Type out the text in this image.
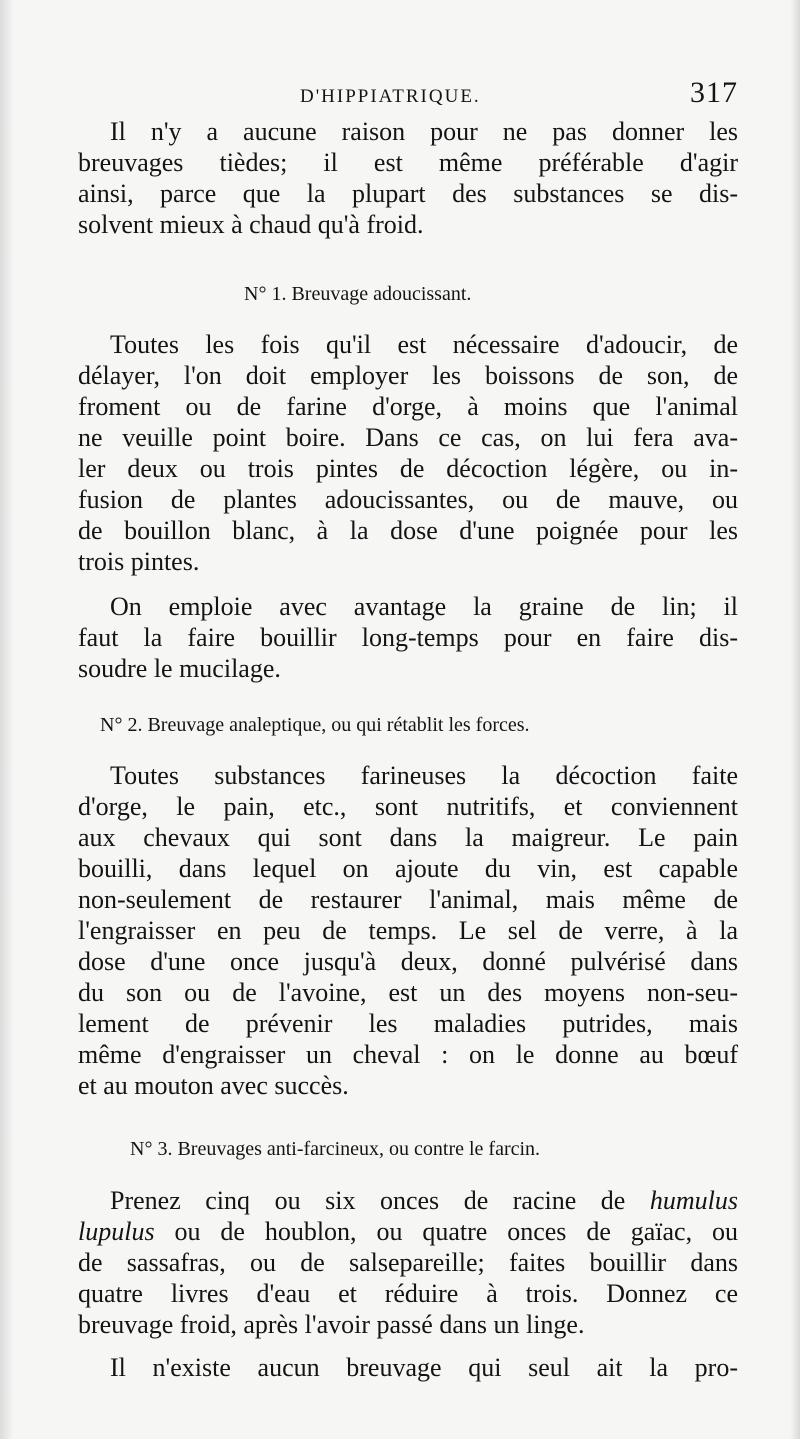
D'HIPPIATRIQUE.	317
Il n'y a aucune raison pour ne pas donner les
breuvages tièdes; il est même préférable d'agir
ainsi, parce que la plupart des substances se dis-
solvent mieux à chaud qu'à froid.
N° 1. Breuvage adoucissant.
Toutes les fois qu'il est nécessaire d'adoucir, de
délayer, l'on doit employer les boissons de son, de
froment ou de farine d'orge, à moins que l'animal
ne veuille point boire. Dans ce cas, on lui fera ava-
ler deux ou trois pintes de décoction légère, ou in-
fusion de plantes adoucissantes, ou de mauve, ou
de bouillon blanc, à la dose d'une poignée pour les
trois pintes.
On emploie avec avantage la graine de lin; il
faut la faire bouillir long-temps pour en faire dis-
soudre le mucilage.
N° 2. Breuvage analeptique, ou qui rétablit les forces.
Toutes substances farineuses la décoction faite
d'orge, le pain, etc., sont nutritifs, et conviennent
aux chevaux qui sont dans la maigreur. Le pain
bouilli, dans lequel on ajoute du vin, est capable
non-seulement de restaurer l'animal, mais même de
l'engraisser en peu de temps. Le sel de verre, à la
dose d'une once jusqu'à deux, donné pulvérisé dans
du son ou de l'avoine, est un des moyens non-seu-
lement de prévenir les maladies putrides, mais
même d'engraisser un cheval : on le donne au bœuf
et au mouton avec succès.
N° 3. Breuvages anti-farcineux, ou contre le farcin.
Prenez cinq ou six onces de racine de humulus
lupulus ou de houblon, ou quatre onces de gaïac, ou
de sassafras, ou de salsepareille; faites bouillir dans
quatre livres d'eau et réduire à trois. Donnez ce
breuvage froid, après l'avoir passé dans un linge.
Il n'existe aucun breuvage qui seul ait la pro-
